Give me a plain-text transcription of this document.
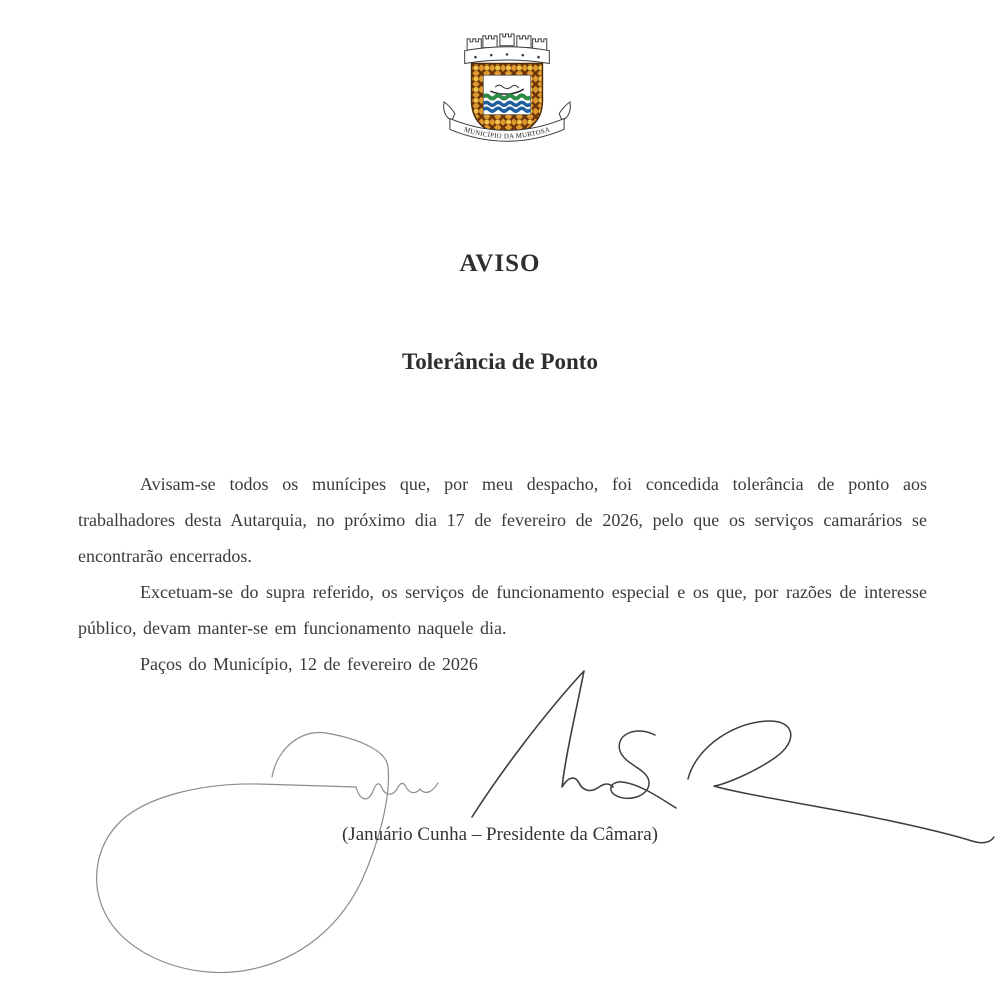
MUNICÍPIO DA MURTOSA
AVISO
Tolerância de Ponto

Avisam-se todos os munícipes que, por meu despacho, foi concedida tolerância de ponto aos trabalhadores desta Autarquia, no próximo dia 17 de fevereiro de 2026, pelo que os serviços camarários se encontrarão encerrados.

Excetuam-se do supra referido, os serviços de funcionamento especial e os que, por razões de interesse público, devam manter-se em funcionamento naquele dia.

Paços do Município, 12 de fevereiro de 2026

(Januário Cunha – Presidente da Câmara)
